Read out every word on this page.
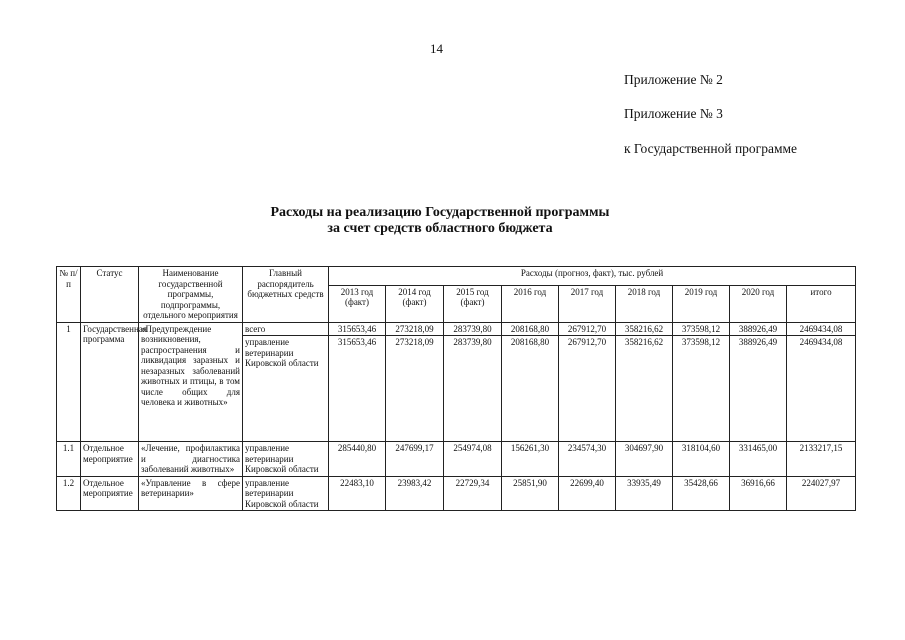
14
Приложение № 2
Приложение № 3
к Государственной программе
Расходы на реализацию Государственной программы
за счет средств областного бюджета
№ п/п	Статус	Наименование государственной программы, подпрограммы, отдельного мероприятия	Главный распорядитель бюджетных средств	Расходы (прогноз, факт), тыс. рублей								
				2013 год (факт)	2014 год (факт)	2015 год (факт)	2016 год	2017 год	2018 год	2019 год	2020 год	итого
1	Государственная программа	«Предупреждение возникновения, распространения и ликвидация заразных и незаразных заболеваний животных и птицы, в том числе общих для человека и животных»	всего	315653,46	273218,09	283739,80	208168,80	267912,70	358216,62	373598,12	388926,49	2469434,08
			управление ветеринарии Кировской области	315653,46	273218,09	283739,80	208168,80	267912,70	358216,62	373598,12	388926,49	2469434,08
1.1	Отдельное мероприятие	«Лечение, профилактика и диагностика заболеваний животных»	управление ветеринарии Кировской области	285440,80	247699,17	254974,08	156261,30	234574,30	304697,90	318104,60	331465,00	2133217,15
1.2	Отдельное мероприятие	«Управление в сфере ветеринарии»	управление ветеринарии Кировской области	22483,10	23983,42	22729,34	25851,90	22699,40	33935,49	35428,66	36916,66	224027,97
